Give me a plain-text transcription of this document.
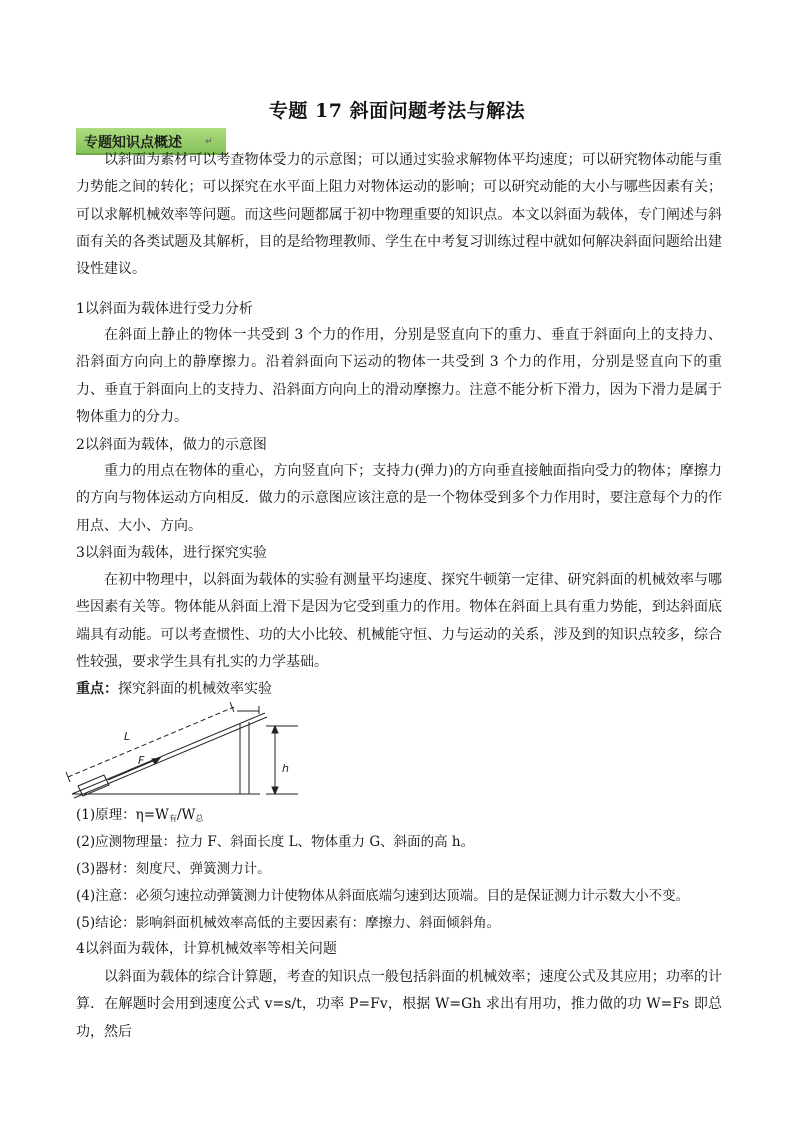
专题 17 斜面问题考法与解法
专题知识点概述	↵
以斜面为素材可以考查物体受力的示意图；可以通过实验求解物体平均速度；可以研究物体动能与重力势能之间的转化；可以探究在水平面上阻力对物体运动的影响；可以研究动能的大小与哪些因素有关；可以求解机械效率等问题。而这些问题都属于初中物理重要的知识点。本文以斜面为载体，专门阐述与斜面有关的各类试题及其解析，目的是给物理教师、学生在中考复习训练过程中就如何解决斜面问题给出建设性建议。
1以斜面为载体进行受力分析
在斜面上静止的物体一共受到 3 个力的作用，分别是竖直向下的重力、垂直于斜面向上的支持力、沿斜面方向向上的静摩擦力。沿着斜面向下运动的物体一共受到 3 个力的作用，分别是竖直向下的重力、垂直于斜面向上的支持力、沿斜面方向向上的滑动摩擦力。注意不能分析下滑力，因为下滑力是属于物体重力的分力。
2以斜面为载体，做力的示意图
重力的用点在物体的重心，方向竖直向下；支持力(弹力)的方向垂直接触面指向受力的物体；摩擦力的方向与物体运动方向相反．做力的示意图应该注意的是一个物体受到多个力作用时，要注意每个力的作用点、大小、方向。
3以斜面为载体，进行探究实验
在初中物理中，以斜面为载体的实验有测量平均速度、探究牛顿第一定律、研究斜面的机械效率与哪些因素有关等。物体能从斜面上滑下是因为它受到重力的作用。物体在斜面上具有重力势能，到达斜面底端具有动能。可以考查惯性、功的大小比较、机械能守恒、力与运动的关系，涉及到的知识点较多，综合性较强，要求学生具有扎实的力学基础。
重点：探究斜面的机械效率实验
L
F
h
(1)原理：$\eta=W_有/W_总$
(2)应测物理量：拉力 F、斜面长度 L、物体重力 G、斜面的高 h。
(3)器材：刻度尺、弹簧测力计。
(4)注意：必须匀速拉动弹簧测力计使物体从斜面底端匀速到达顶端。目的是保证测力计示数大小不变。
(5)结论：影响斜面机械效率高低的主要因素有：摩擦力、斜面倾斜角。
4以斜面为载体，计算机械效率等相关问题
以斜面为载体的综合计算题，考查的知识点一般包括斜面的机械效率；速度公式及其应用；功率的计算．在解题时会用到速度公式 v=s/t，功率 P=Fv，根据 W=Gh 求出有用功，推力做的功 W=Fs 即总功，然后
